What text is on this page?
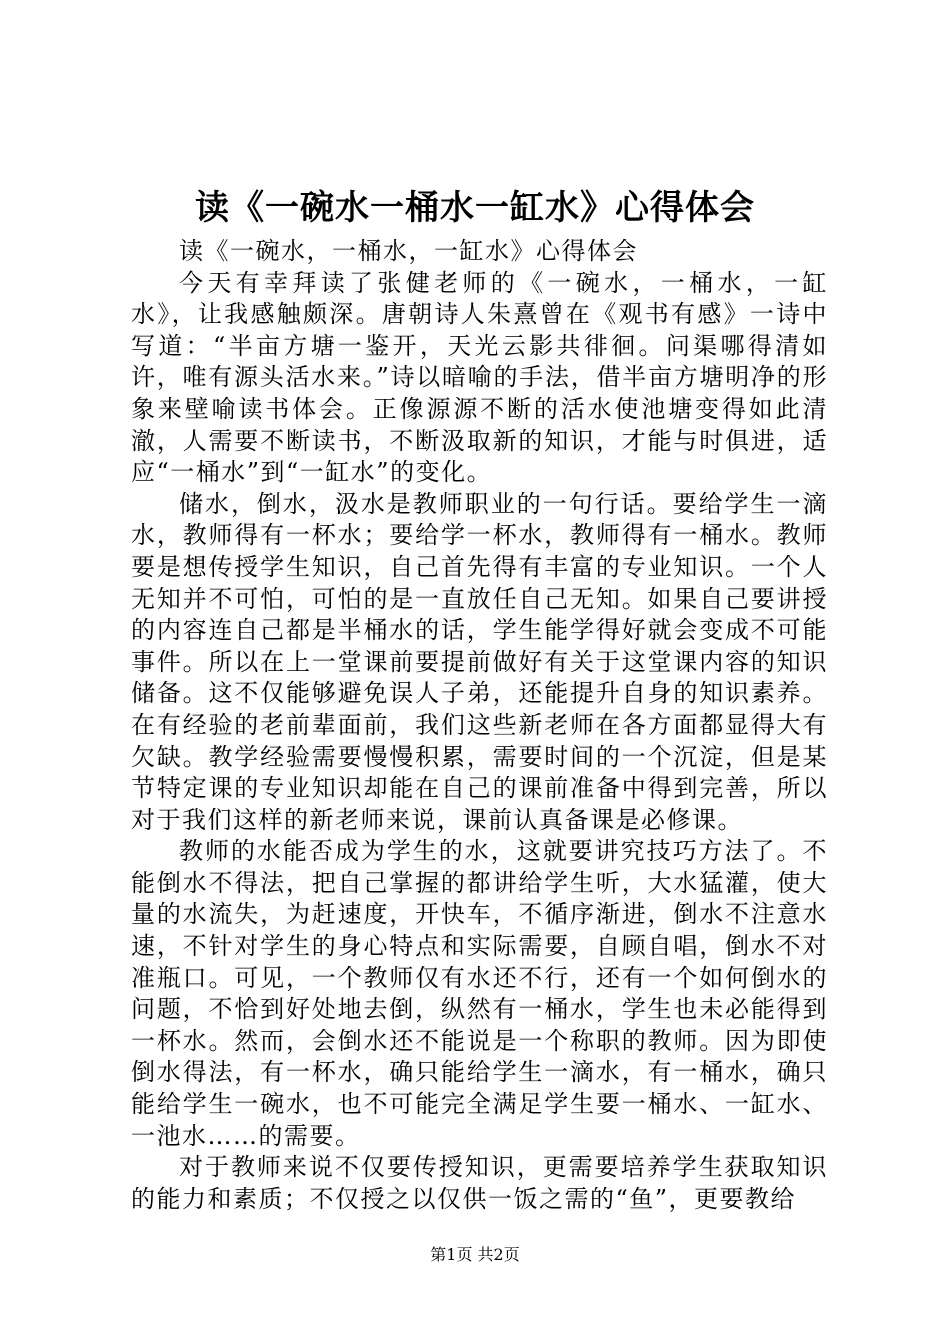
读《一碗水一桶水一缸水》心得体会

读《一碗水，一桶水，一缸水》心得体会

今天有幸拜读了张健老师的《一碗水，一桶水，一缸水》，让我感触颇深。唐朝诗人朱熹曾在《观书有感》一诗中写道：“半亩方塘一鉴开，天光云影共徘徊。问渠哪得清如许，唯有源头活水来。”诗以暗喻的手法，借半亩方塘明净的形象来壁喻读书体会。正像源源不断的活水使池塘变得如此清澈，人需要不断读书，不断汲取新的知识，才能与时俱进，适应“一桶水”到“一缸水”的变化。

储水，倒水，汲水是教师职业的一句行话。要给学生一滴水，教师得有一杯水；要给学一杯水，教师得有一桶水。教师要是想传授学生知识，自己首先得有丰富的专业知识。一个人无知并不可怕，可怕的是一直放任自己无知。如果自己要讲授的内容连自己都是半桶水的话，学生能学得好就会变成不可能事件。所以在上一堂课前要提前做好有关于这堂课内容的知识储备。这不仅能够避免误人子弟，还能提升自身的知识素养。在有经验的老前辈面前，我们这些新老师在各方面都显得大有欠缺。教学经验需要慢慢积累，需要时间的一个沉淀，但是某节特定课的专业知识却能在自己的课前准备中得到完善，所以对于我们这样的新老师来说，课前认真备课是必修课。

教师的水能否成为学生的水，这就要讲究技巧方法了。不能倒水不得法，把自己掌握的都讲给学生听，大水猛灌，使大量的水流失，为赶速度，开快车，不循序渐进，倒水不注意水速，不针对学生的身心特点和实际需要，自顾自唱，倒水不对准瓶口。可见，一个教师仅有水还不行，还有一个如何倒水的问题，不恰到好处地去倒，纵然有一桶水，学生也未必能得到一杯水。然而，会倒水还不能说是一个称职的教师。因为即使倒水得法，有一杯水，确只能给学生一滴水，有一桶水，确只能给学生一碗水，也不可能完全满足学生要一桶水、一缸水、一池水……的需要。

对于教师来说不仅要传授知识，更需要培养学生获取知识的能力和素质；不仅授之以仅供一饭之需的“鱼”，更要教给

第1页 共2页
